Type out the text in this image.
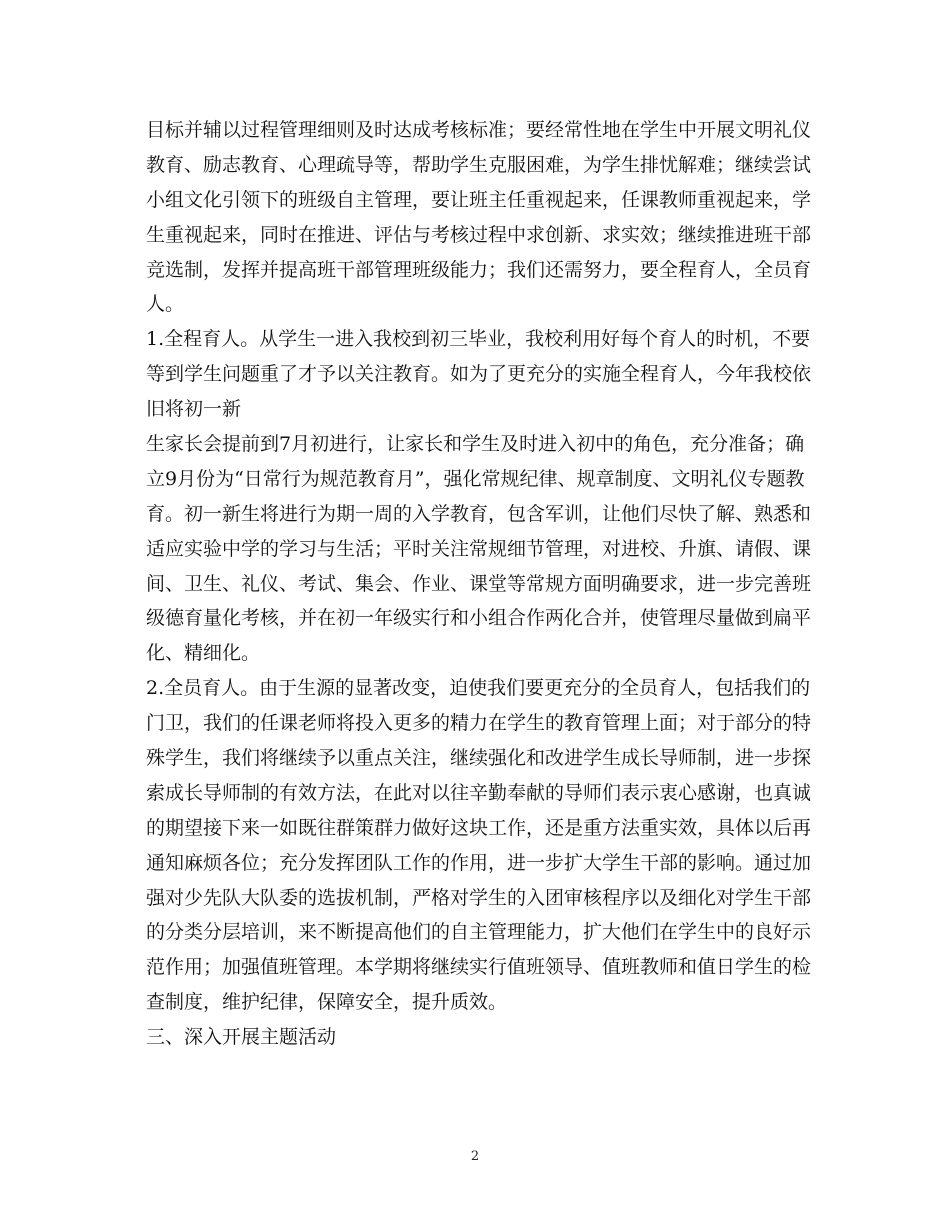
目标并辅以过程管理细则及时达成考核标准；要经常性地在学生中开展文明礼仪

教育、励志教育、心理疏导等，帮助学生克服困难，为学生排忧解难；继续尝试

小组文化引领下的班级自主管理，要让班主任重视起来，任课教师重视起来，学

生重视起来，同时在推进、评估与考核过程中求创新、求实效；继续推进班干部

竞选制，发挥并提高班干部管理班级能力；我们还需努力，要全程育人，全员育

人。

1.全程育人。从学生一进入我校到初三毕业，我校利用好每个育人的时机，不要

等到学生问题重了才予以关注教育。如为了更充分的实施全程育人，今年我校依

旧将初一新

生家长会提前到7月初进行，让家长和学生及时进入初中的角色，充分准备；确

立9月份为“日常行为规范教育月”，强化常规纪律、规章制度、文明礼仪专题教

育。初一新生将进行为期一周的入学教育，包含军训，让他们尽快了解、熟悉和

适应实验中学的学习与生活；平时关注常规细节管理，对进校、升旗、请假、课

间、卫生、礼仪、考试、集会、作业、课堂等常规方面明确要求，进一步完善班

级德育量化考核，并在初一年级实行和小组合作两化合并，使管理尽量做到扁平

化、精细化。

2.全员育人。由于生源的显著改变，迫使我们要更充分的全员育人，包括我们的

门卫，我们的任课老师将投入更多的精力在学生的教育管理上面；对于部分的特

殊学生，我们将继续予以重点关注，继续强化和改进学生成长导师制，进一步探

索成长导师制的有效方法，在此对以往辛勤奉献的导师们表示衷心感谢，也真诚

的期望接下来一如既往群策群力做好这块工作，还是重方法重实效，具体以后再

通知麻烦各位；充分发挥团队工作的作用，进一步扩大学生干部的影响。通过加

强对少先队大队委的选拔机制，严格对学生的入团审核程序以及细化对学生干部

的分类分层培训，来不断提高他们的自主管理能力，扩大他们在学生中的良好示

范作用；加强值班管理。本学期将继续实行值班领导、值班教师和值日学生的检

查制度，维护纪律，保障安全，提升质效。

三、深入开展主题活动

2
